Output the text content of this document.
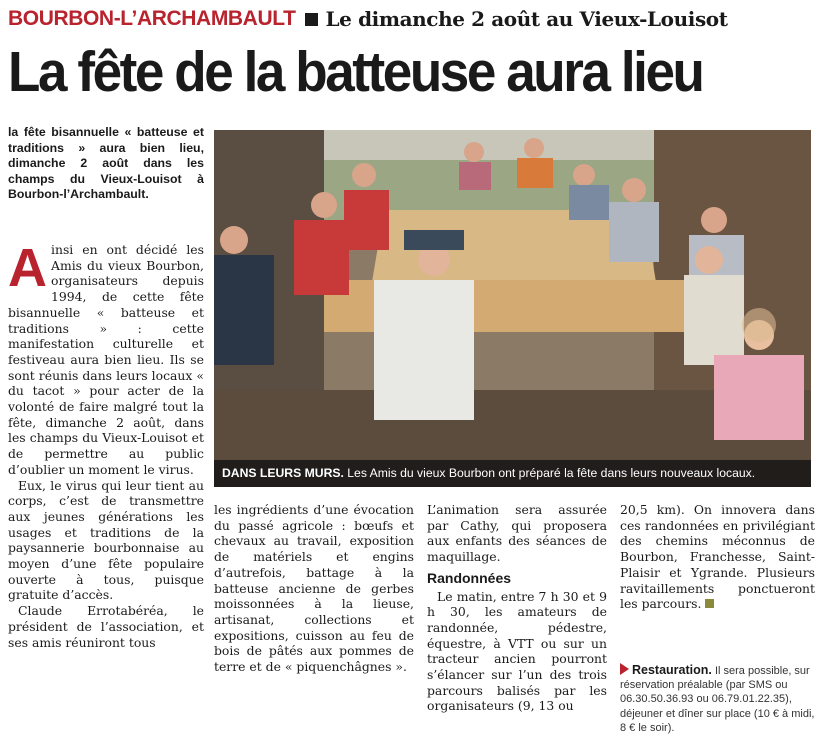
BOURBON-L’ARCHAMBAULT Le dimanche 2 août au Vieux-Louisot
La fête de la batteuse aura lieu
la fête bisannuelle « batteuse et traditions » aura bien lieu, dimanche 2 août dans les champs du Vieux-Louisot à Bourbon-l’Archambault.

Ainsi en ont décidé les Amis du vieux Bourbon, organisateurs depuis 1994, de cette fête bisannuelle « batteuse et traditions » : cette manifestation culturelle et festiveau aura bien lieu. Ils se sont réunis dans leurs locaux « du tacot » pour acter de la volonté de faire malgré tout la fête, dimanche 2 août, dans les champs du Vieux-Louisot et de permettre au public d’oublier un moment le virus.

Eux, le virus qui leur tient au corps, c’est de transmettre aux jeunes générations les usages et traditions de la paysannerie bourbonnaise au moyen d’une fête populaire ouverte à tous, puisque gratuite d’accès.

Claude Errotabéréa, le président de l’association, et ses amis réuniront tous

DANS LEURS MURS. Les Amis du vieux Bourbon ont préparé la fête dans leurs nouveaux locaux.

les ingrédients d’une évocation du passé agricole : bœufs et chevaux au travail, exposition de matériels et engins d’autrefois, battage à la batteuse ancienne de gerbes moissonnées à la lieuse, artisanat, collections et expositions, cuisson au feu de bois de pâtés aux pommes de terre et de « piquenchâgnes ».

L’animation sera assurée par Cathy, qui proposera aux enfants des séances de maquillage.

Randonnées

Le matin, entre 7 h 30 et 9 h 30, les amateurs de randonnée, pédestre, équestre, à VTT ou sur un tracteur ancien pourront s’élancer sur l’un des trois parcours balisés par les organisateurs (9, 13 ou

20,5 km). On innovera dans ces randonnées en privilégiant des chemins méconnus de Bourbon, Franchesse, Saint-Plaisir et Ygrande. Plusieurs ravitaillements ponctueront les parcours.

Restauration. Il sera possible, sur réservation préalable (par SMS ou 06.30.50.36.93 ou 06.79.01.22.35), déjeuner et dîner sur place (10 € à midi, 8 € le soir).
